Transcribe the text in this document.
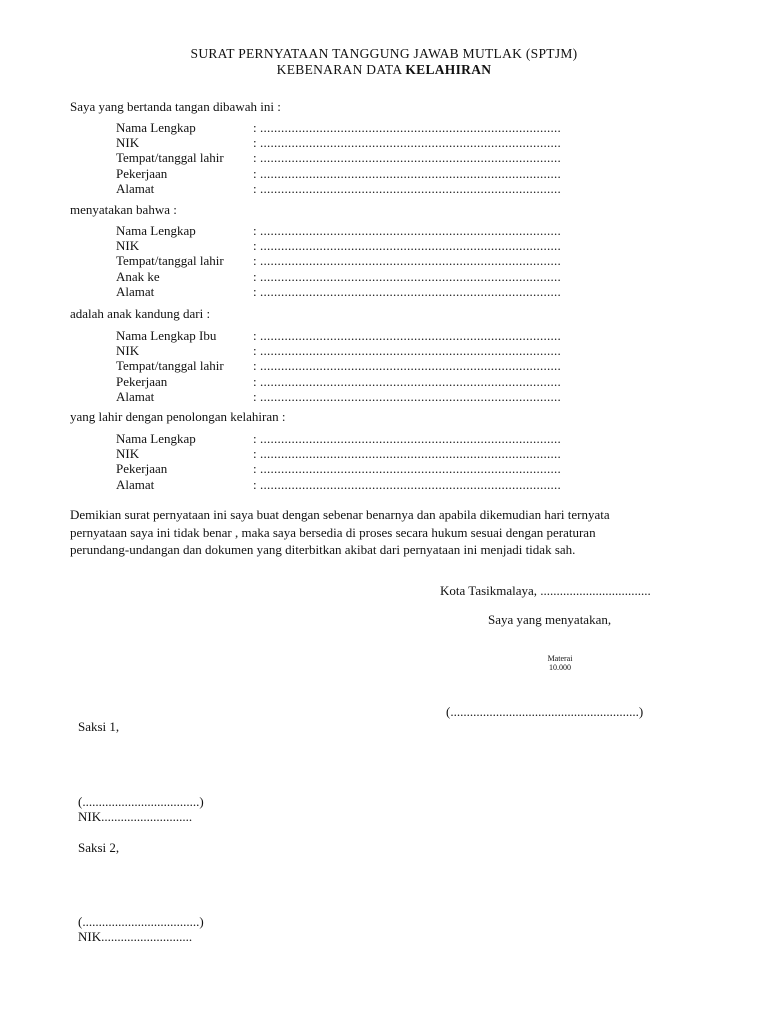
SURAT PERNYATAAN TANGGUNG JAWAB MUTLAK (SPTJM)
KEBENARAN DATA KELAHIRAN
Saya yang bertanda tangan dibawah ini :
Nama Lengkap	: ......................................................................................
NIK	: ......................................................................................
Tempat/tanggal lahir : ......................................................................................
Pekerjaan	: ......................................................................................
Alamat	: ......................................................................................
menyatakan bahwa :
Nama Lengkap	: ......................................................................................
NIK	: ......................................................................................
Tempat/tanggal lahir : ......................................................................................
Anak ke	: ......................................................................................
Alamat	: ......................................................................................
adalah anak kandung dari :
Nama Lengkap Ibu	: ......................................................................................
NIK	: ......................................................................................
Tempat/tanggal lahir : ......................................................................................
Pekerjaan	: ......................................................................................
Alamat	: ......................................................................................
yang lahir dengan penolongan kelahiran :
Nama Lengkap	: ......................................................................................
NIK	: ......................................................................................
Pekerjaan	: ......................................................................................
Alamat	: ......................................................................................
Demikian surat pernyataan ini saya buat dengan sebenar benarnya dan apabila dikemudian hari ternyata
pernyataan saya ini tidak benar , maka saya bersedia di proses secara hukum sesuai dengan peraturan
perundang-undangan dan dokumen yang diterbitkan akibat dari pernyataan ini menjadi tidak sah.
Kota Tasikmalaya, ..................................
Saya yang menyatakan,
Materai
10.000
(..........................................................)
Saksi 1,
(....................................)
NIK............................
Saksi 2,
(....................................)
NIK............................
